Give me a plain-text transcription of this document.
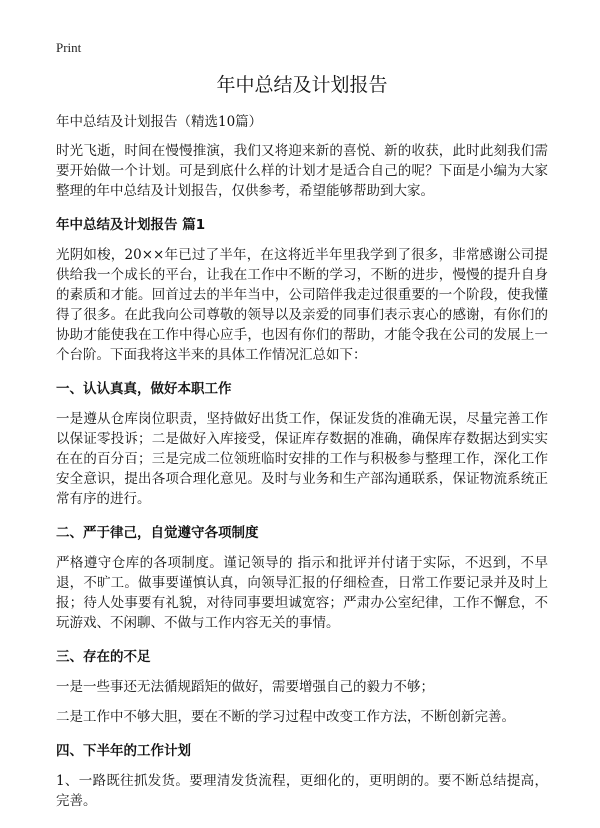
Print
年中总结及计划报告
年中总结及计划报告（精选10篇）

时光飞逝，时间在慢慢推演，我们又将迎来新的喜悦、新的收获，此时此刻我们需要开始做一个计划。可是到底什么样的计划才是适合自己的呢？下面是小编为大家整理的年中总结及计划报告，仅供参考，希望能够帮助到大家。

年中总结及计划报告 篇1

光阴如梭，20××年已过了半年，在这将近半年里我学到了很多，非常感谢公司提供给我一个成长的平台，让我在工作中不断的学习，不断的进步，慢慢的提升自身的素质和才能。回首过去的半年当中，公司陪伴我走过很重要的一个阶段，使我懂得了很多。在此我向公司尊敬的领导以及亲爱的同事们表示衷心的感谢，有你们的协助才能使我在工作中得心应手，也因有你们的帮助，才能令我在公司的发展上一个台阶。下面我将这半来的具体工作情况汇总如下：

一、认认真真，做好本职工作

一是遵从仓库岗位职责，坚持做好出货工作，保证发货的准确无误，尽量完善工作以保证零投诉；二是做好入库接受，保证库存数据的准确，确保库存数据达到实实在在的百分百；三是完成二位领班临时安排的工作与积极参与整理工作，深化工作安全意识，提出各项合理化意见。及时与业务和生产部沟通联系，保证物流系统正常有序的进行。

二、严于律己，自觉遵守各项制度

严格遵守仓库的各项制度。谨记领导的 指示和批评并付诸于实际，不迟到，不早退，不旷工。做事要谨慎认真，向领导汇报的仔细检查，日常工作要记录并及时上报；待人处事要有礼貌，对待同事要坦诚宽容；严肃办公室纪律，工作不懈怠，不玩游戏、不闲聊、不做与工作内容无关的事情。

三、存在的不足

一是一些事还无法循规蹈矩的做好，需要增强自己的毅力不够；

二是工作中不够大胆，要在不断的学习过程中改变工作方法，不断创新完善。

四、下半年的工作计划

1、一路既往抓发货。要理清发货流程，更细化的，更明朗的。要不断总结提高，完善。
